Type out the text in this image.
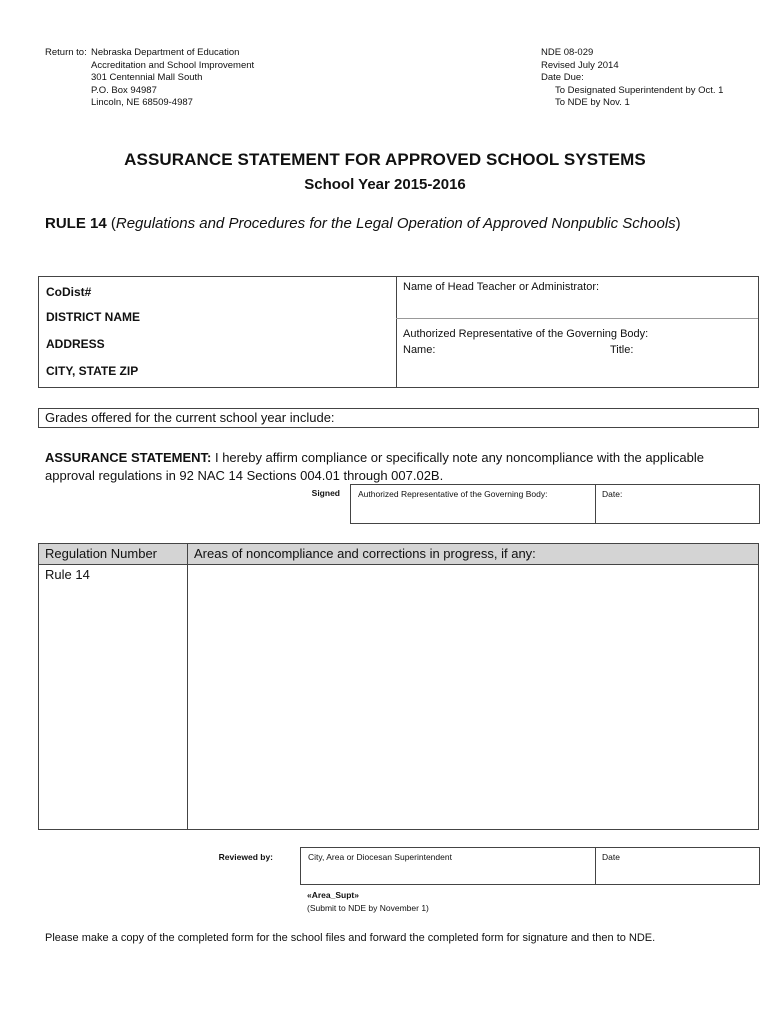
Return to: Nebraska Department of Education
Accreditation and School Improvement
301 Centennial Mall South
P.O. Box 94987
Lincoln, NE 68509-4987
NDE 08-029
Revised July 2014
Date Due:
To Designated Superintendent by Oct. 1
To NDE by Nov. 1
ASSURANCE STATEMENT FOR APPROVED SCHOOL SYSTEMS
School Year 2015-2016
RULE 14 (Regulations and Procedures for the Legal Operation of Approved Nonpublic Schools)
CoDist#
DISTRICT NAME
ADDRESS
CITY, STATE ZIP
Name of Head Teacher or Administrator:
Authorized Representative of the Governing Body:
Name:	Title:
Grades offered for the current school year include:
ASSURANCE STATEMENT: I hereby affirm compliance or specifically note any noncompliance with the applicable approval regulations in 92 NAC 14 Sections 004.01 through 007.02B.
Signed Authorized Representative of the Governing Body:	Date:
Regulation Number	Areas of noncompliance and corrections in progress, if any:
Rule 14
Reviewed by:	City, Area or Diocesan Superintendent	Date
«Area_Supt»
(Submit to NDE by November 1)
Please make a copy of the completed form for the school files and forward the completed form for signature and then to NDE.
